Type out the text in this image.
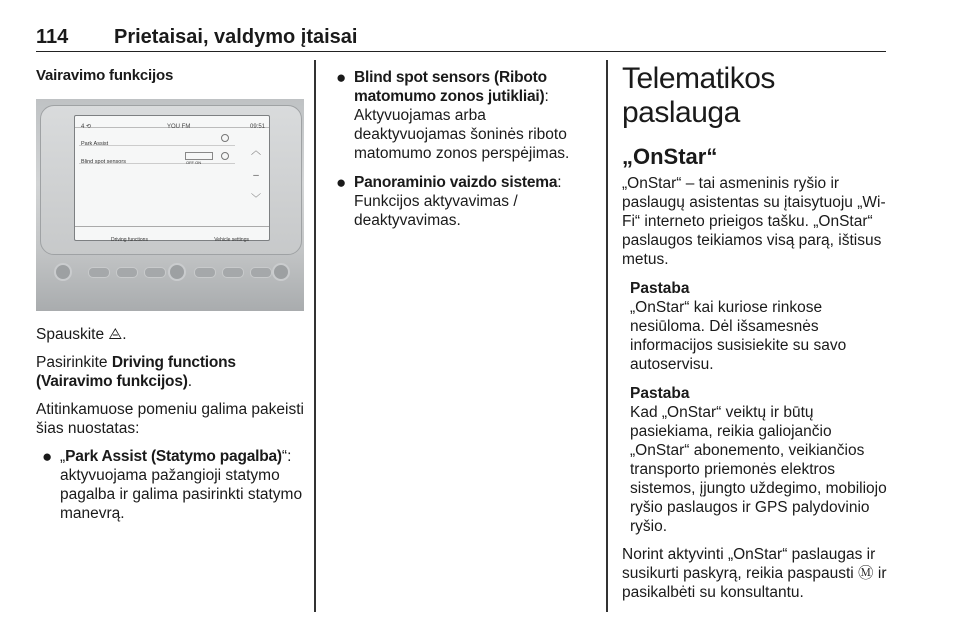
114 Prietaisai, valdymo įtaisai
Vairavimo funkcijos
4 ⟲	YOU FM	09:51
Park Assist
Blind spot sensors	OFF ON
︿
–
﹀
Driving functions	Vehicle settings

Spauskite ⨺.

Pasirinkite Driving functions (Vairavimo funkcijos).

Atitinkamuose pomeniu galima pakeisti šias nuostatas:

● „Park Assist (Statymo pagalba)“: aktyvuojama pažangioji statymo pagalba ir galima pasirinkti statymo manevrą.
● Blind spot sensors (Riboto matomumo zonos jutikliai): Aktyvuojamas arba deaktyvuojamas šoninės riboto matomumo zonos perspėjimas.
● Panoraminio vaizdo sistema: Funkcijos aktyvavimas / deaktyvavimas.
Telematikos paslauga
„OnStar“

„OnStar“ – tai asmeninis ryšio ir paslaugų asistentas su įtaisytuoju „Wi-Fi“ interneto prieigos tašku. „OnStar“ paslaugos teikiamos visą parą, ištisus metus.

Pastaba
„OnStar“ kai kuriose rinkose nesiūloma. Dėl išsamesnės informacijos susisiekite su savo autoservisu.
Pastaba
Kad „OnStar“ veiktų ir būtų pasiekiama, reikia galiojančio „OnStar“ abonemento, veikiančios transporto priemonės elektros sistemos, įjungto uždegimo, mobiliojo ryšio paslaugos ir GPS palydovinio ryšio.

Norint aktyvinti „OnStar“ paslaugas ir susikurti paskyrą, reikia paspausti Ⓜ ir pasikalbėti su konsultantu.
